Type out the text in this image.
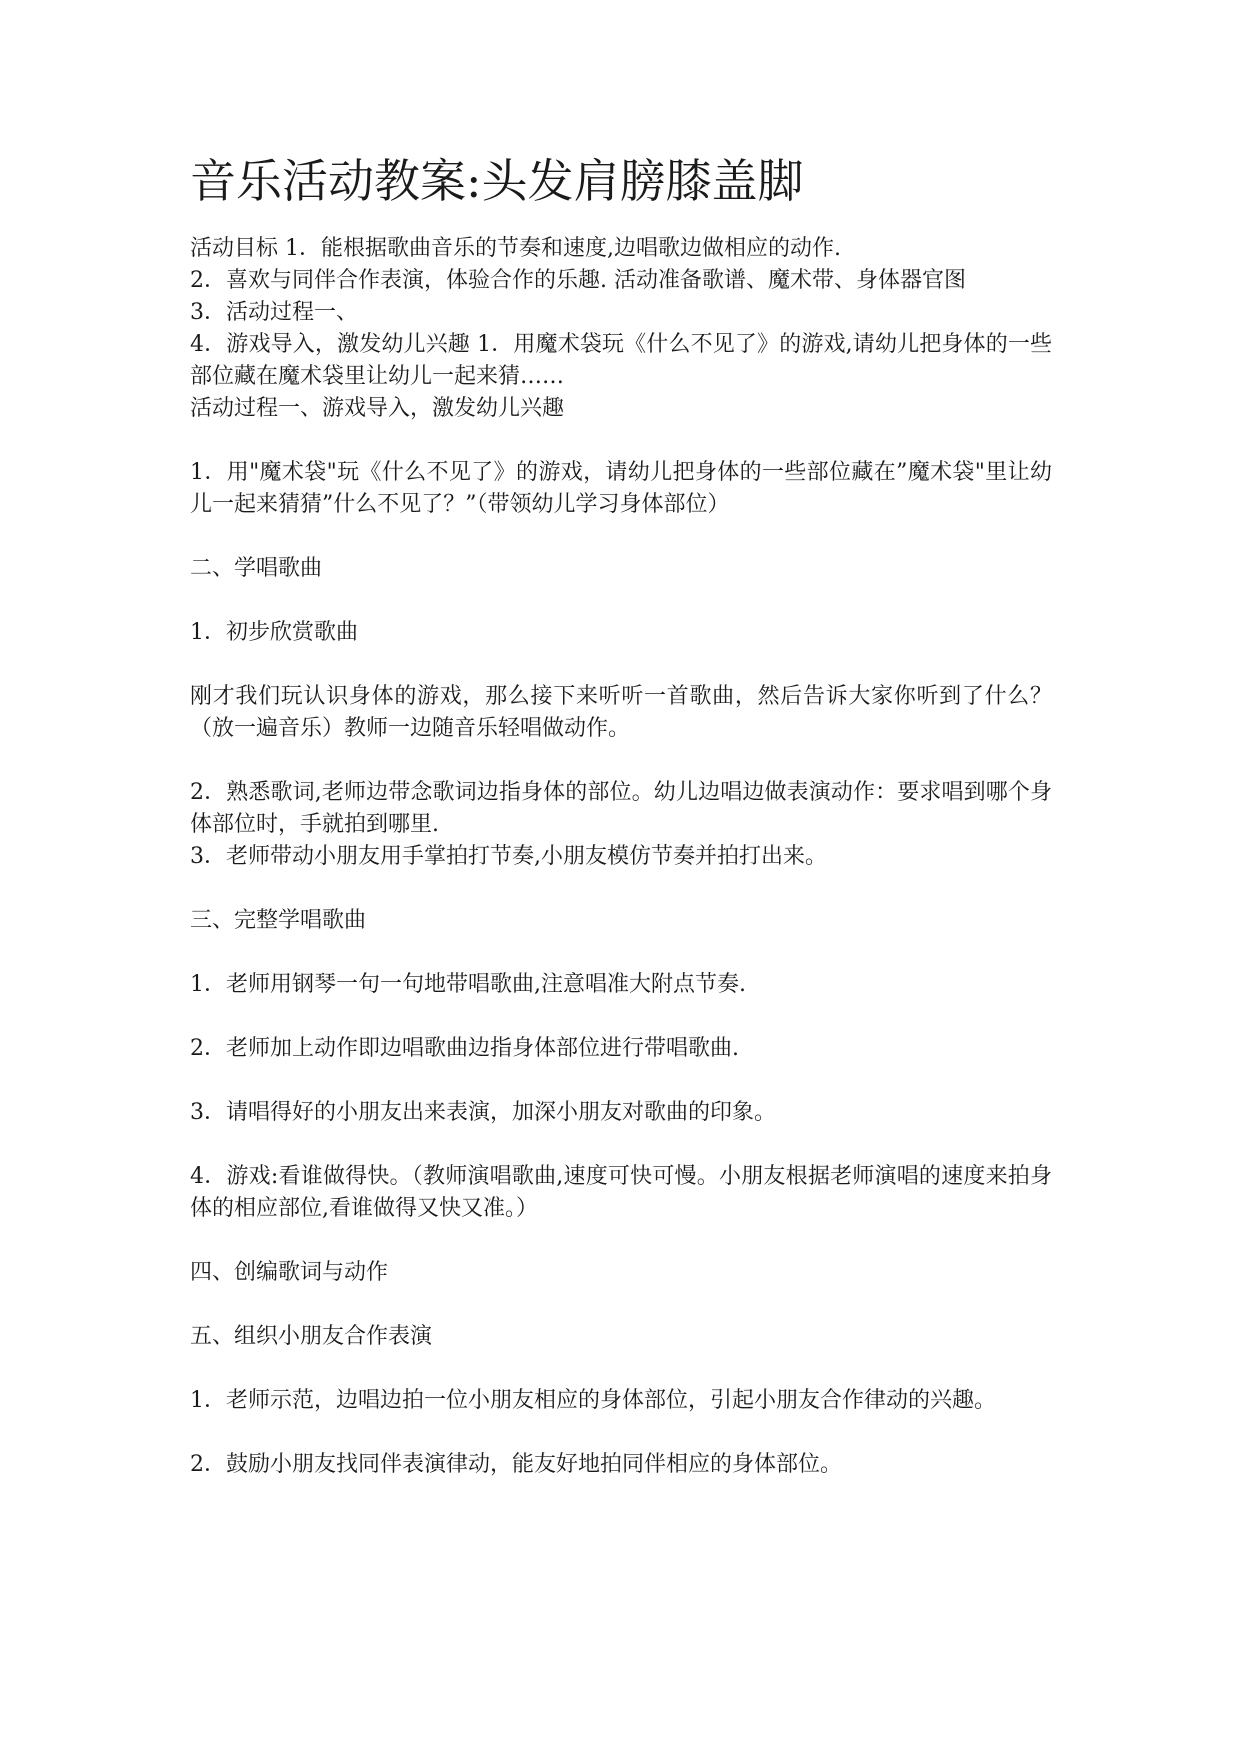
音乐活动教案:头发肩膀膝盖脚

活动目标 1．能根据歌曲音乐的节奏和速度,边唱歌边做相应的动作.

2．喜欢与同伴合作表演，体验合作的乐趣. 活动准备歌谱、魔术带、身体器官图

3．活动过程一、

4．游戏导入，激发幼儿兴趣 1．用魔术袋玩《什么不见了》的游戏,请幼儿把身体的一些部位藏在魔术袋里让幼儿一起来猜……

活动过程一、游戏导入，激发幼儿兴趣

1．用"魔术袋"玩《什么不见了》的游戏，请幼儿把身体的一些部位藏在”魔术袋"里让幼儿一起来猜猜”什么不见了？”（带领幼儿学习身体部位）

二、学唱歌曲

1．初步欣赏歌曲

刚才我们玩认识身体的游戏，那么接下来听听一首歌曲，然后告诉大家你听到了什么？（放一遍音乐）教师一边随音乐轻唱做动作。

2．熟悉歌词,老师边带念歌词边指身体的部位。幼儿边唱边做表演动作：要求唱到哪个身体部位时，手就拍到哪里.

3．老师带动小朋友用手掌拍打节奏,小朋友模仿节奏并拍打出来。

三、完整学唱歌曲

1．老师用钢琴一句一句地带唱歌曲,注意唱准大附点节奏.

2．老师加上动作即边唱歌曲边指身体部位进行带唱歌曲.

3．请唱得好的小朋友出来表演，加深小朋友对歌曲的印象。

4．游戏:看谁做得快。（教师演唱歌曲,速度可快可慢。小朋友根据老师演唱的速度来拍身体的相应部位,看谁做得又快又准。）

四、创编歌词与动作

五、组织小朋友合作表演

1．老师示范，边唱边拍一位小朋友相应的身体部位，引起小朋友合作律动的兴趣。

2．鼓励小朋友找同伴表演律动，能友好地拍同伴相应的身体部位。
